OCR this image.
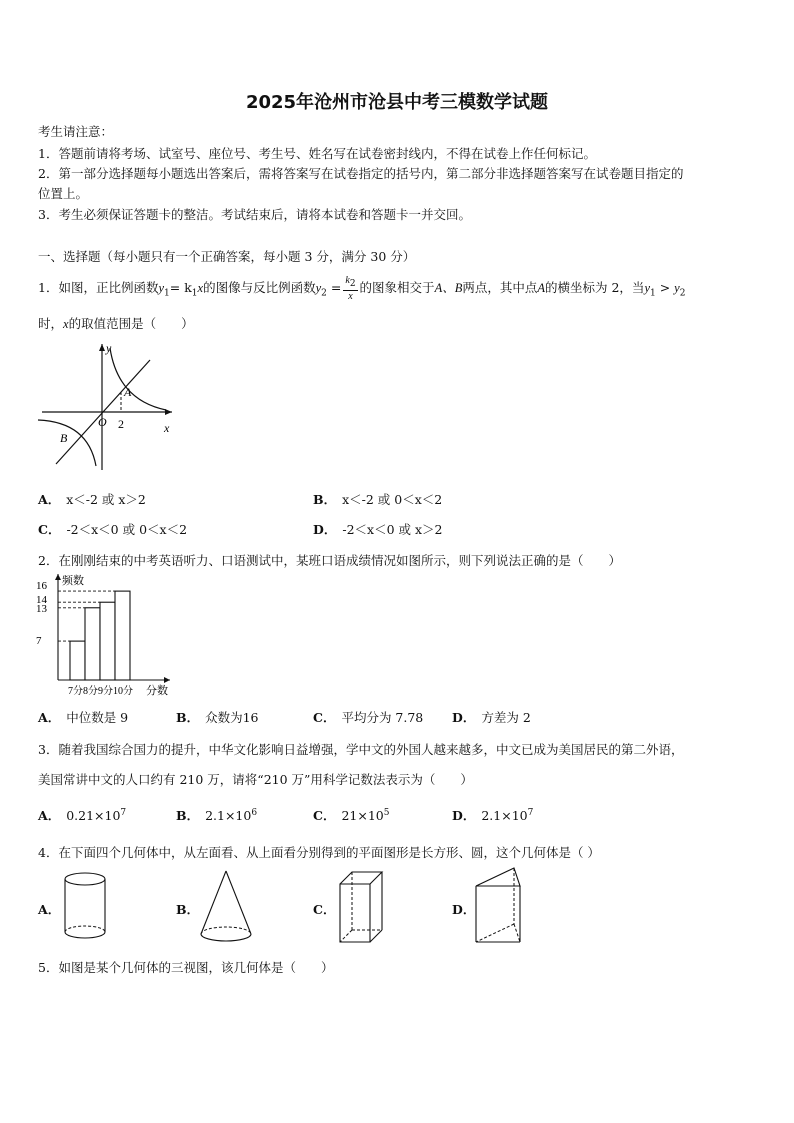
2025年沧州市沧县中考三模数学试题
考生请注意：
1．答题前请将考场、试室号、座位号、考生号、姓名写在试卷密封线内，不得在试卷上作任何标记。
2．第一部分选择题每小题选出答案后，需将答案写在试卷指定的括号内，第二部分非选择题答案写在试卷题目指定的
位置上。
3．考生必须保证答题卡的整洁。考试结束后，请将本试卷和答题卡一并交回。
一、选择题（每小题只有一个正确答案，每小题 3 分，满分 30 分）
1．如图，正比例函数$y_1= k_1x$的图像与反比例函数$y_2 = \frac{k_2}{x}$ 的图象相交于A、B两点，其中点A的横坐标为 2，当$y_1 > y_2$
时，x的取值范围是（　　）
y
x
O 2
A
B
A． x＜-2 或 x＞2	B． x＜-2 或 0＜x＜2
C． -2＜x＜0 或 0＜x＜2	D． -2＜x＜0 或 x＞2
2．在刚刚结束的中考英语听力、口语测试中，某班口语成绩情况如图所示，则下列说法正确的是（　　）
频数
分数
7分 8分 9分 10分
7
13
14
16
A． 中位数是 9	B． 众数为16	C． 平均分为 7.78 D． 方差为 2
3．随着我国综合国力的提升，中华文化影响日益增强，学中文的外国人越来越多，中文已成为美国居民的第二外语，
美国常讲中文的人口约有 210 万，请将“210 万”用科学记数法表示为（　　）
A． $0.21\times 10^7$	B． $2.1\times 10^6$	C． $21\times 10^5$	D． $2.1\times 10^7$
4．在下面四个几何体中，从左面看、从上面看分别得到的平面图形是长方形、圆，这个几何体是（ ）
A．	B．	C．	D．
5．如图是某个几何体的三视图，该几何体是（　　）
